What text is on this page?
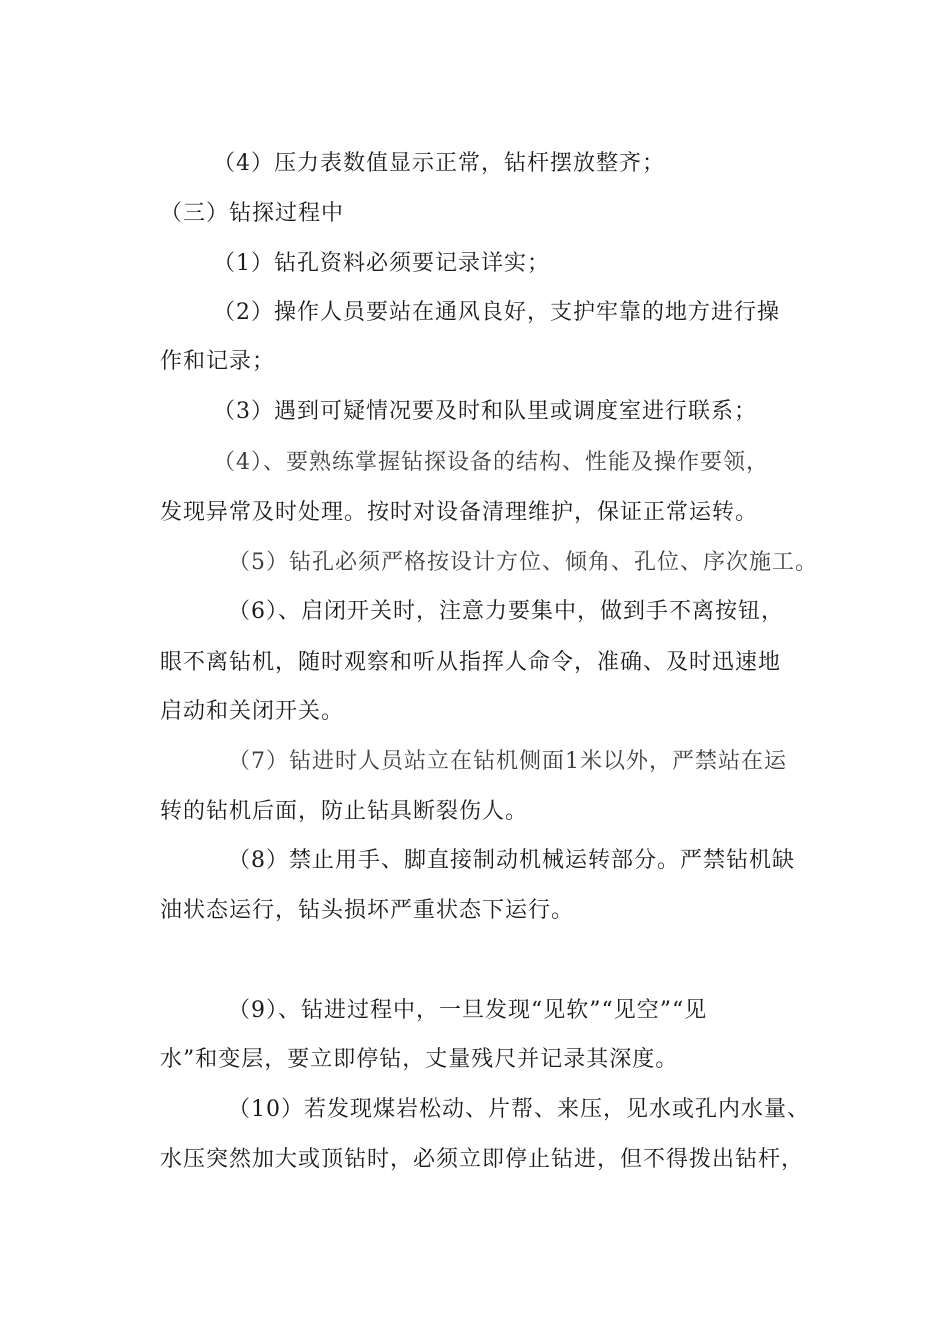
（4）压力表数值显示正常，钻杆摆放整齐；
（三）钻探过程中
（1）钻孔资料必须要记录详实；
（2）操作人员要站在通风良好，支护牢靠的地方进行操
作和记录；
（3）遇到可疑情况要及时和队里或调度室进行联系；
（4）、要熟练掌握钻探设备的结构、性能及操作要领，
发现异常及时处理。按时对设备清理维护，保证正常运转。
（5）钻孔必须严格按设计方位、倾角、孔位、序次施工。
（6）、启闭开关时，注意力要集中，做到手不离按钮，
眼不离钻机，随时观察和听从指挥人命令，准确、及时迅速地
启动和关闭开关。
（7）钻进时人员站立在钻机侧面1米以外，严禁站在运
转的钻机后面，防止钻具断裂伤人。
（8）禁止用手、脚直接制动机械运转部分。严禁钻机缺
油状态运行，钻头损坏严重状态下运行。
（9）、钻进过程中，一旦发现“见软”“见空”“见
水”和变层，要立即停钻，丈量残尺并记录其深度。
（10）若发现煤岩松动、片帮、来压，见水或孔内水量、
水压突然加大或顶钻时，必须立即停止钻进，但不得拨出钻杆，
